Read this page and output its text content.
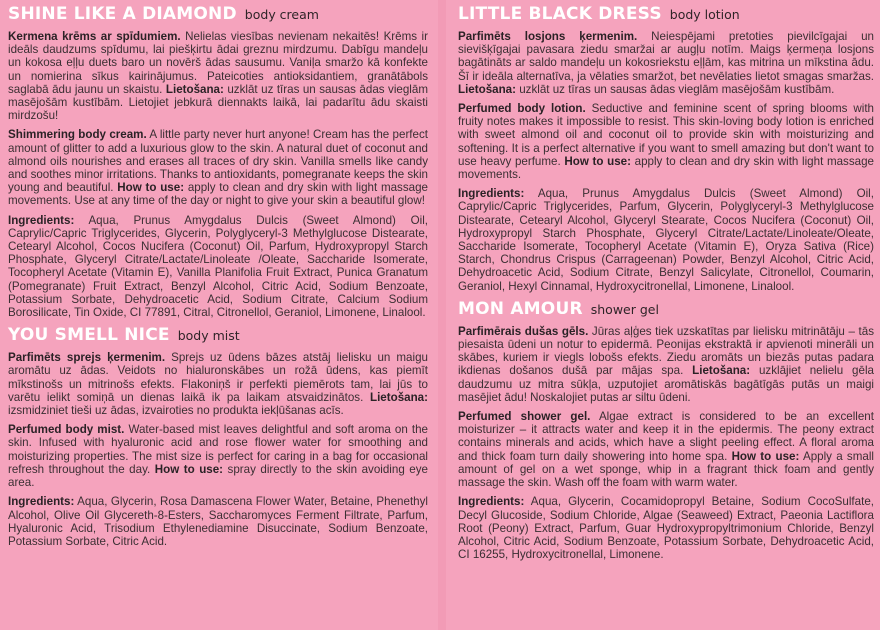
SHINE LIKE A DIAMOND body cream

Kermena krēms ar spīdumiem. Nelielas viesības nevienam nekaitēs! Krēms ir ideāls daudzums spīdumu, lai piešķirtu ādai greznu mirdzumu. Dabīgu mandeļu un kokosa eļļu duets baro un novērš ādas sausumu. Vaniļa smaržo kā konfekte un nomierina sīkus kairinājumus. Pateicoties antioksidantiem, granātābols saglabā ādu jaunu un skaistu. Lietošana: uzklāt uz tīras un sausas ādas vieglām masējošām kustībām. Lietojiet jebkurā diennakts laikā, lai padarītu ādu skaisti mirdzošu!

Shimmering body cream. A little party never hurt anyone! Cream has the perfect amount of glitter to add a luxurious glow to the skin. A natural duet of coconut and almond oils nourishes and erases all traces of dry skin. Vanilla smells like candy and soothes minor irritations. Thanks to antioxidants, pomegranate keeps the skin young and beautiful. How to use: apply to clean and dry skin with light massage movements. Use at any time of the day or night to give your skin a beautiful glow!

Ingredients: Aqua, Prunus Amygdalus Dulcis (Sweet Almond) Oil, Caprylic/Capric Triglycerides, Glycerin, Polyglyceryl-3 Methylglucose Distearate, Cetearyl Alcohol, Cocos Nucifera (Coconut) Oil, Parfum, Hydroxypropyl Starch Phosphate, Glyceryl Citrate/Lactate/Linoleate /Oleate, Saccharide Isomerate, Tocopheryl Acetate (Vitamin E), Vanilla Planifolia Fruit Extract, Punica Granatum (Pomegranate) Fruit Extract, Benzyl Alcohol, Citric Acid, Sodium Benzoate, Potassium Sorbate, Dehydroacetic Acid, Sodium Citrate, Calcium Sodium Borosilicate, Tin Oxide, CI 77891, Citral, Citronellol, Geraniol, Limonene, Linalool.

YOU SMELL NICE body mist

Parfimēts sprejs ķermenim. Sprejs uz ūdens bāzes atstāj lielisku un maigu aromātu uz ādas. Veidots no hialuronskābes un rožā ūdens, kas piemīt mīkstinošs un mitrinošs efekts. Flakoniņš ir perfekti piemērots tam, lai jūs to varētu ielikt somiņā un dienas laikā ik pa laikam atsvaidzinātos. Lietošana: izsmidziniet tieši uz ādas, izvairoties no produkta iekļūšanas acīs.

Perfumed body mist. Water-based mist leaves delightful and soft aroma on the skin. Infused with hyaluronic acid and rose flower water for smoothing and moisturizing properties. The mist size is perfect for caring in a bag for occasional refresh throughout the day. How to use: spray directly to the skin avoiding eye area.

Ingredients: Aqua, Glycerin, Rosa Damascena Flower Water, Betaine, Phenethyl Alcohol, Olive Oil Glycereth-8-Esters, Saccharomyces Ferment Filtrate, Parfum, Hyaluronic Acid, Trisodium Ethylenediamine Disuccinate, Sodium Benzoate, Potassium Sorbate, Citric Acid.

LITTLE BLACK DRESS body lotion

Parfimēts losjons ķermenim. Neiespējami pretoties pievilcīgajai un sievišķīgajai pavasara ziedu smaržai ar augļu notīm. Maigs ķermeņa losjons bagātināts ar saldo mandeļu un kokosriekstu eļļām, kas mitrina un mīkstina ādu. Šī ir ideāla alternatīva, ja vēlaties smaržot, bet nevēlaties lietot smagas smaržas. Lietošana: uzklāt uz tīras un sausas ādas vieglām masējošām kustībām.

Perfumed body lotion. Seductive and feminine scent of spring blooms with fruity notes makes it impossible to resist. This skin-loving body lotion is enriched with sweet almond oil and coconut oil to provide skin with moisturizing and softening. It is a perfect alternative if you want to smell amazing but don't want to use heavy perfume. How to use: apply to clean and dry skin with light massage movements.

Ingredients: Aqua, Prunus Amygdalus Dulcis (Sweet Almond) Oil, Caprylic/Capric Triglycerides, Parfum, Glycerin, Polyglyceryl-3 Methylglucose Distearate, Cetearyl Alcohol, Glyceryl Stearate, Cocos Nucifera (Coconut) Oil, Hydroxypropyl Starch Phosphate, Glyceryl Citrate/Lactate/Linoleate/Oleate, Saccharide Isomerate, Tocopheryl Acetate (Vitamin E), Oryza Sativa (Rice) Starch, Chondrus Crispus (Carrageenan) Powder, Benzyl Alcohol, Citric Acid, Dehydroacetic Acid, Sodium Citrate, Benzyl Salicylate, Citronellol, Coumarin, Geraniol, Hexyl Cinnamal, Hydroxycitronellal, Limonene, Linalool.

MON AMOUR shower gel

Parfimērais dušas gēls. Jūras aļģes tiek uzskatītas par lielisku mitrinātāju – tās piesaista ūdeni un notur to epidermā. Peonijas ekstraktā ir apvienoti minerāli un skābes, kuriem ir viegls lobošs efekts. Ziedu aromāts un biezās putas padara ikdienas došanos dušā par mājas spa. Lietošana: uzklājiet nelielu gēla daudzumu uz mitra sūkļa, uzputojiet aromātiskās bagātīgās putās un maigi masējiet ādu! Noskalojiet putas ar siltu ūdeni.

Perfumed shower gel. Algae extract is considered to be an excellent moisturizer – it attracts water and keep it in the epidermis. The peony extract contains minerals and acids, which have a slight peeling effect. A floral aroma and thick foam turn daily showering into home spa. How to use: Apply a small amount of gel on a wet sponge, whip in a fragrant thick foam and gently massage the skin. Wash off the foam with warm water.

Ingredients: Aqua, Glycerin, Cocamidopropyl Betaine, Sodium CocoSulfate, Decyl Glucoside, Sodium Chloride, Algae (Seaweed) Extract, Paeonia Lactiflora Root (Peony) Extract, Parfum, Guar Hydroxypropyltrimonium Chloride, Benzyl Alcohol, Citric Acid, Sodium Benzoate, Potassium Sorbate, Dehydroacetic Acid, CI 16255, Hydroxycitronellal, Limonene.
